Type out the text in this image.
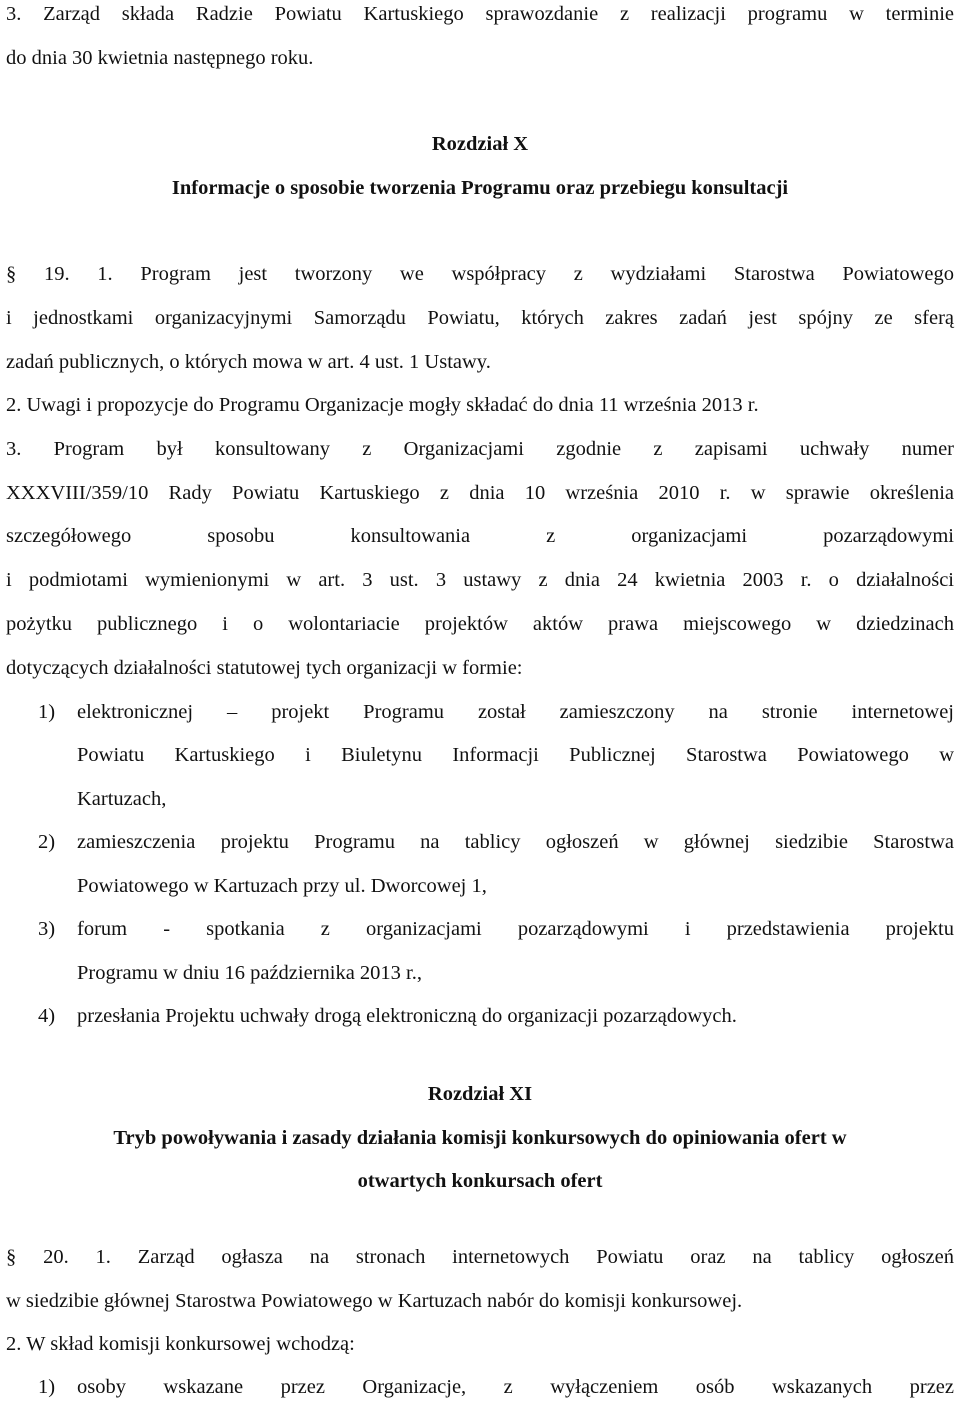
3. Zarząd składa Radzie Powiatu Kartuskiego sprawozdanie z realizacji programu w terminie
do dnia 30 kwietnia następnego roku.
Rozdział X
Informacje o sposobie tworzenia Programu oraz przebiegu konsultacji
§ 19. 1. Program jest tworzony we współpracy z wydziałami Starostwa Powiatowego
i jednostkami organizacyjnymi Samorządu Powiatu, których zakres zadań jest spójny ze sferą
zadań publicznych, o których mowa w art. 4 ust. 1 Ustawy.
2. Uwagi i propozycje do Programu Organizacje mogły składać do dnia 11 września 2013 r.
3. Program był konsultowany z Organizacjami zgodnie z zapisami uchwały numer
XXXVIII/359/10 Rady Powiatu Kartuskiego z dnia 10 września 2010 r. w sprawie określenia
szczegółowego sposobu konsultowania z organizacjami pozarządowymi
i podmiotami wymienionymi w art. 3 ust. 3 ustawy z dnia 24 kwietnia 2003 r. o działalności
pożytku publicznego i o wolontariacie projektów aktów prawa miejscowego w dziedzinach
dotyczących działalności statutowej tych organizacji w formie:
1)	elektronicznej – projekt Programu został zamieszczony na stronie internetowej
Powiatu Kartuskiego i Biuletynu Informacji Publicznej Starostwa Powiatowego w
Kartuzach,
2)	zamieszczenia projektu Programu na tablicy ogłoszeń w głównej siedzibie Starostwa
Powiatowego w Kartuzach przy ul. Dworcowej 1,
3)	forum - spotkania z organizacjami pozarządowymi i przedstawienia projektu
Programu w dniu 16 października 2013 r.,
4)	przesłania Projektu uchwały drogą elektroniczną do organizacji pozarządowych.
Rozdział XI
Tryb powoływania i zasady działania komisji konkursowych do opiniowania ofert w
otwartych konkursach ofert
§ 20. 1. Zarząd ogłasza na stronach internetowych Powiatu oraz na tablicy ogłoszeń
w siedzibie głównej Starostwa Powiatowego w Kartuzach nabór do komisji konkursowej.
2. W skład komisji konkursowej wchodzą:
1)	osoby wskazane przez Organizacje, z wyłączeniem osób wskazanych przez
